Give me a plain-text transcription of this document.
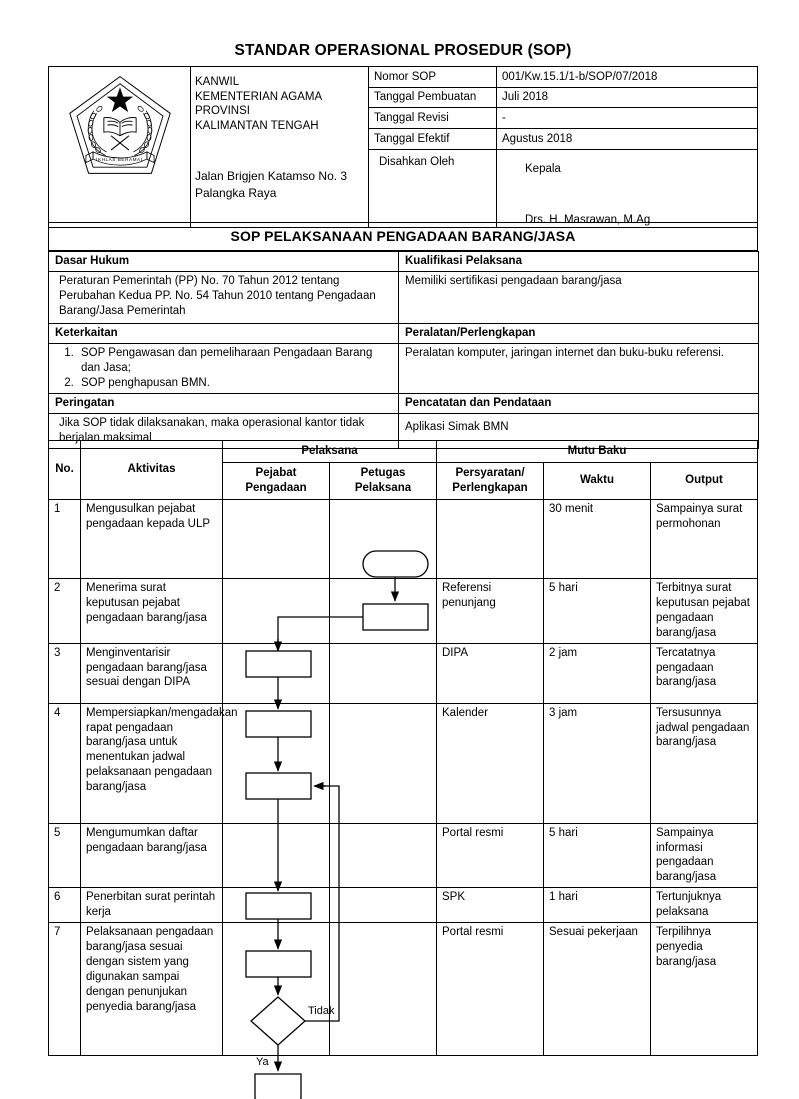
STANDAR OPERASIONAL PROSEDUR (SOP)
IKHLAS BERAMAL

KANWIL
KEMENTERIAN AGAMA
PROVINSI
KALIMANTAN TENGAH
Jalan Brigjen Katamso No. 3
Palangka Raya
	Nomor SOP	001/Kw.15.1/1-b/SOP/07/2018
		Tanggal Pembuatan	Juli 2018
		Tanggal Revisi	-
		Tanggal Efektif	Agustus 2018

		Disahkan Oleh	Kepala
Drs. H. Masrawan, M.Ag
SOP PELAKSANAAN PENGADAAN BARANG/JASA
Dasar Hukum	Kualifikasi Pelaksana
Peraturan Pemerintah (PP) No. 70 Tahun 2012 tentang Perubahan Kedua PP. No. 54 Tahun 2010 tentang Pengadaan Barang/Jasa Pemerintah	Memiliki sertifikasi pengadaan barang/jasa
Keterkaitan	Peralatan/Perlengkapan

1. SOP Pengawasan dan pemeliharaan Pengadaan Barang dan Jasa;
2. SOP penghapusan BMN.
	Peralatan komputer, jaringan internet dan buku-buku referensi.
Peringatan	Pencatatan dan Pendataan
Jika SOP tidak dilaksanakan, maka operasional kantor tidak berjalan maksimal	Aplikasi Simak BMN
No.	Aktivitas	Pelaksana		Mutu Baku		
		Pejabat Pengadaan	Petugas Pelaksana	Persyaratan/ Perlengkapan	Waktu	Output
1	Mengusulkan pejabat pengadaan kepada ULP				30 menit	Sampainya surat permohonan
2	Menerima surat keputusan pejabat pengadaan barang/jasa			Referensi penunjang	5 hari	Terbitnya surat keputusan pejabat pengadaan barang/jasa
3	Menginventarisir pengadaan barang/jasa sesuai dengan DIPA			DIPA	2 jam	Tercatatnya pengadaan barang/jasa
4	Mempersiapkan/mengadakan rapat pengadaan barang/jasa untuk menentukan jadwal pelaksanaan pengadaan barang/jasa			Kalender	3 jam	Tersusunnya jadwal pengadaan barang/jasa
5	Mengumumkan daftar pengadaan barang/jasa			Portal resmi	5 hari	Sampainya informasi pengadaan barang/jasa
6	Penerbitan surat perintah kerja			SPK	1 hari	Tertunjuknya pelaksana
7	Pelaksanaan pengadaan barang/jasa sesuai dengan sistem yang digunakan sampai dengan penunjukan penyedia barang/jasa			Portal resmi	Sesuai pekerjaan	Terpilihnya penyedia barang/jasa
Tidak
Ya
